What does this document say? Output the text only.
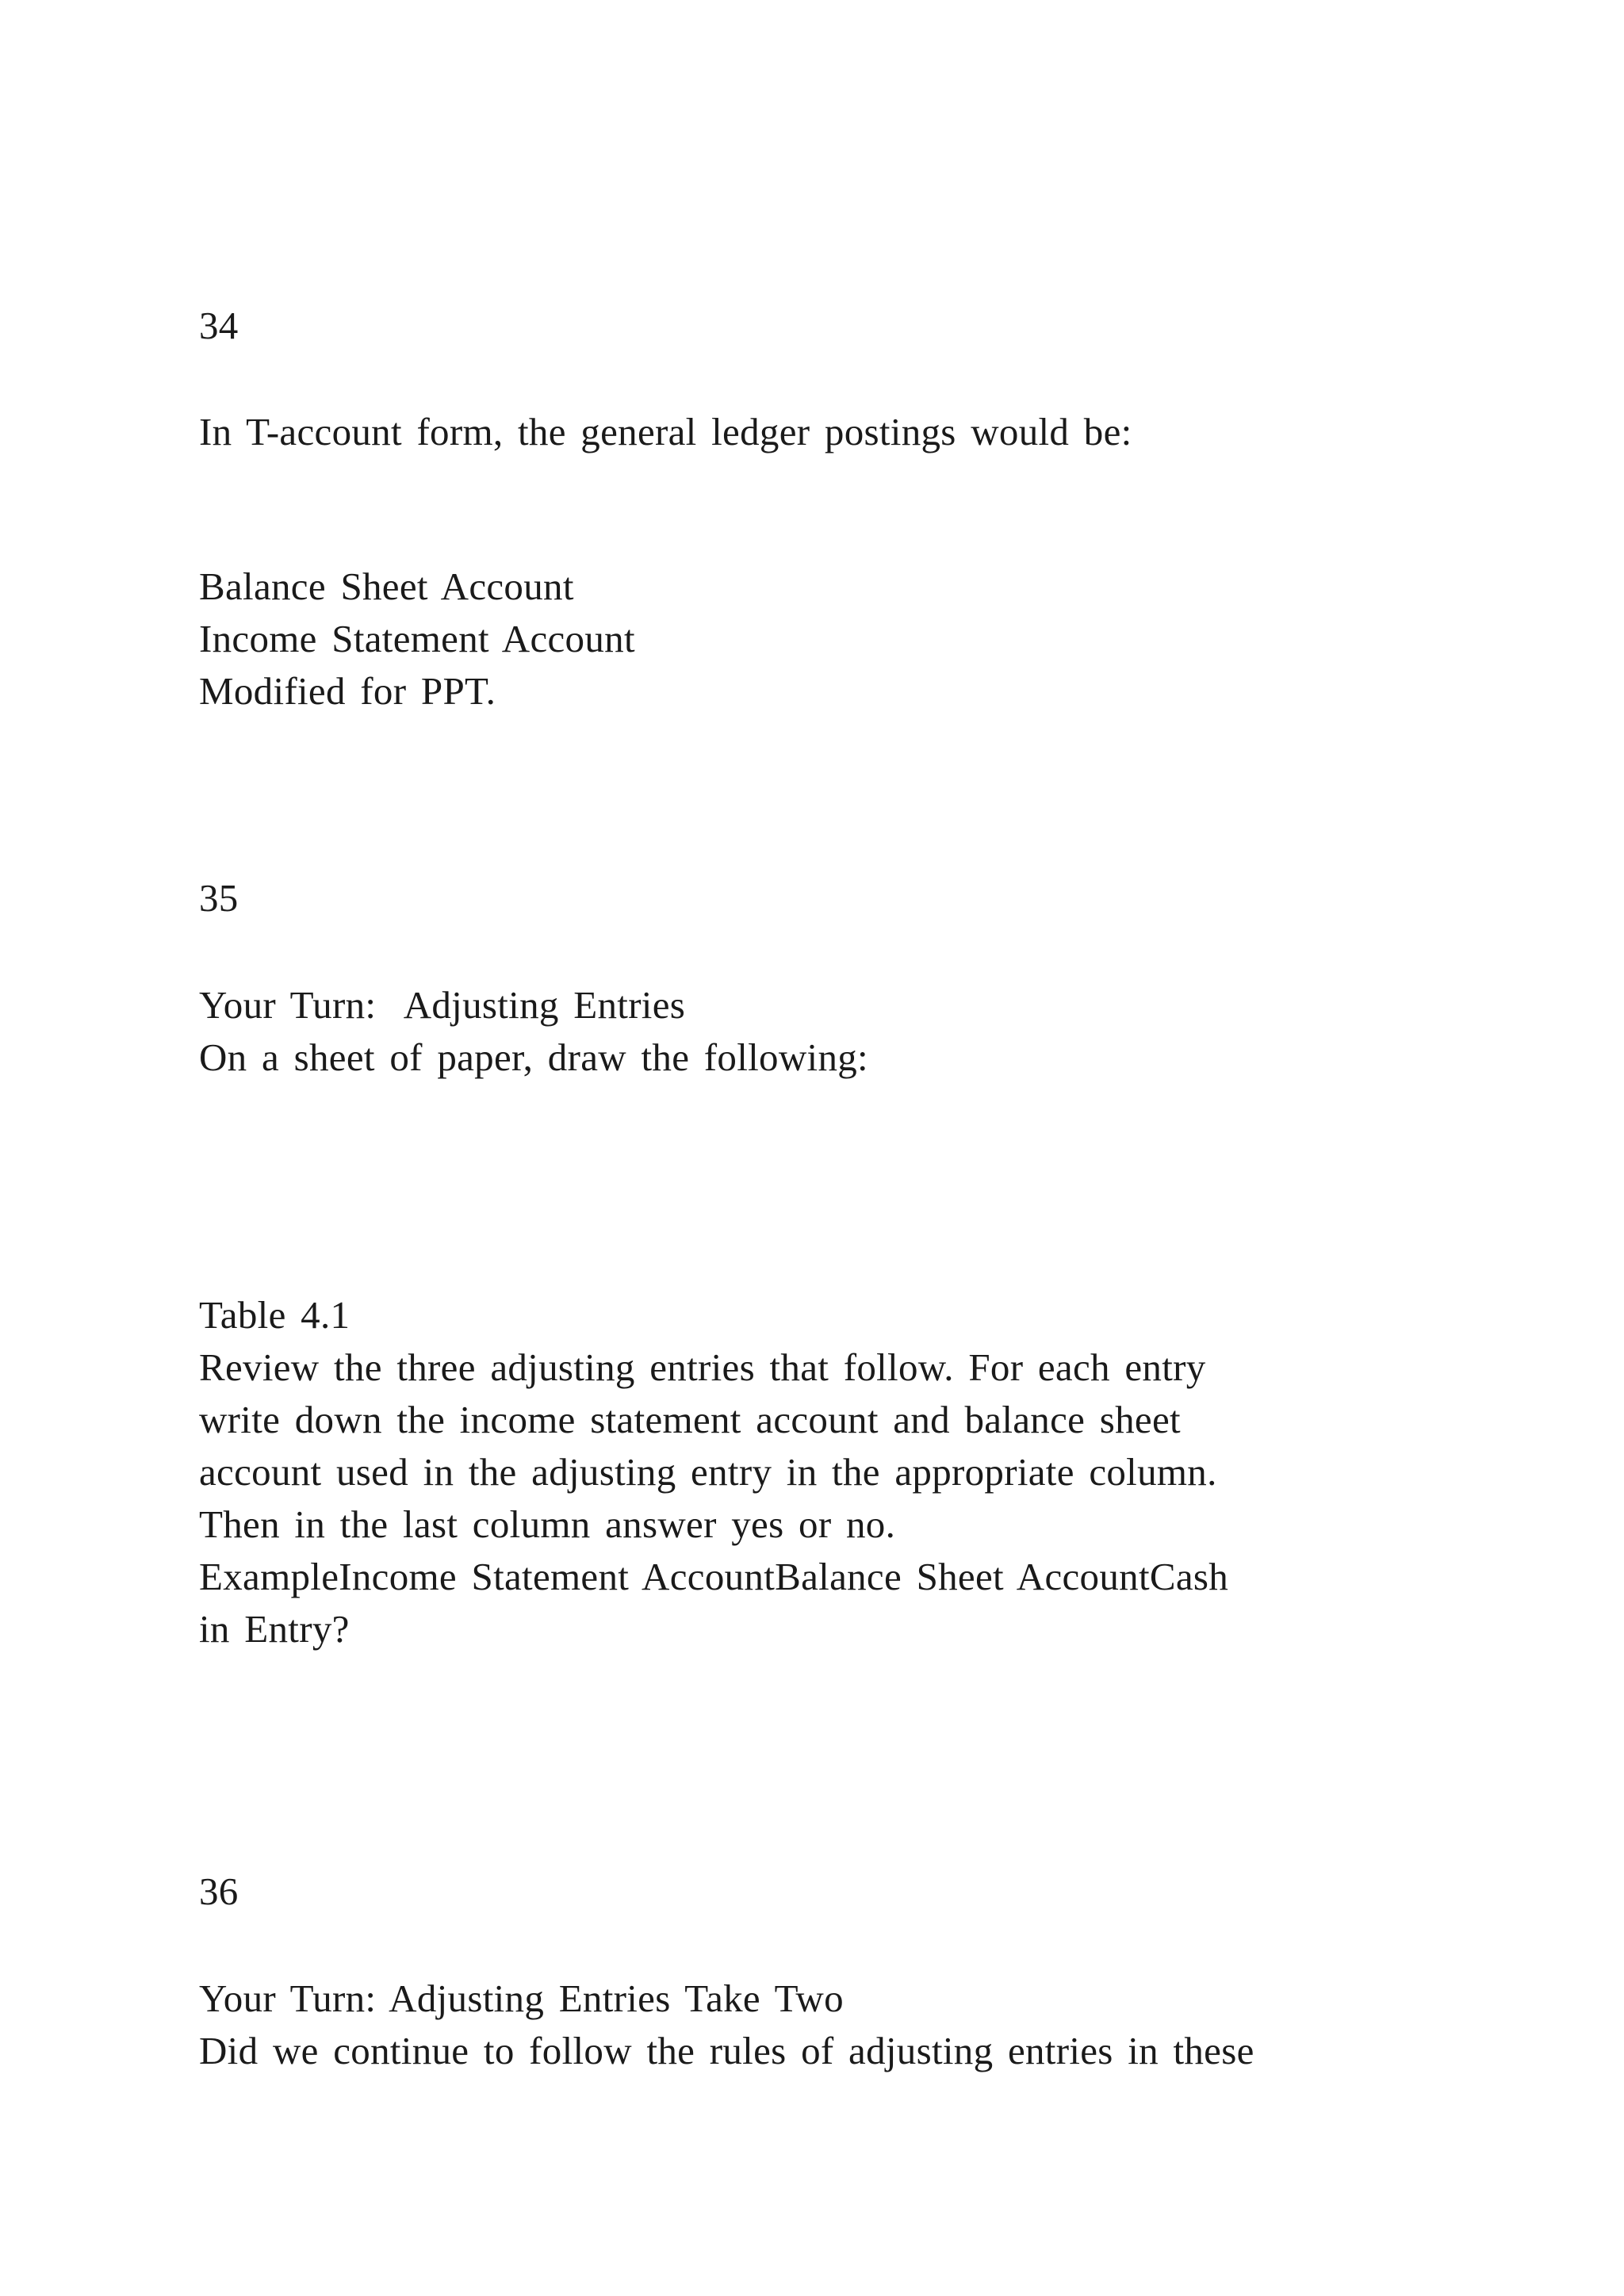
34
In T-account form, the general ledger postings would be:
Balance Sheet Account
Income Statement Account
Modified for PPT.
35
Your Turn:  Adjusting Entries
On a sheet of paper, draw the following:
Table 4.1
Review the three adjusting entries that follow. For each entry
write down the income statement account and balance sheet
account used in the adjusting entry in the appropriate column.
Then in the last column answer yes or no.
ExampleIncome Statement AccountBalance Sheet AccountCash
in Entry?
36
Your Turn: Adjusting Entries Take Two
Did we continue to follow the rules of adjusting entries in these
